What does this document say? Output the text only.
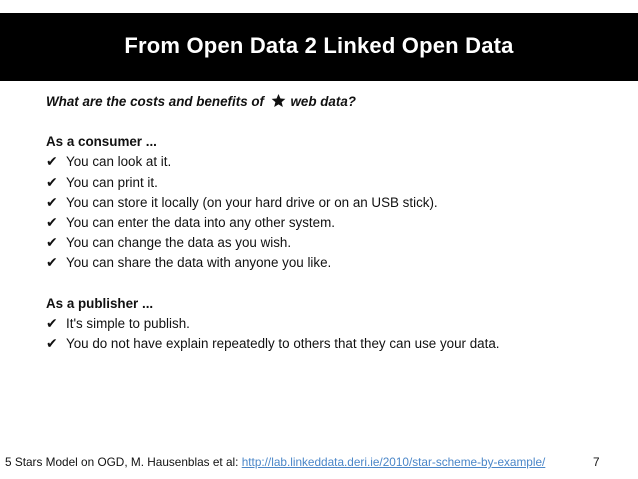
From Open Data 2 Linked Open Data
What are the costs and benefits of web data?
As a consumer ...
✔ You can look at it.
✔ You can print it.
✔ You can store it locally (on your hard drive or on an USB stick).
✔ You can enter the data into any other system.
✔ You can change the data as you wish.
✔ You can share the data with anyone you like.
As a publisher ...
✔ It's simple to publish.
✔ You do not have explain repeatedly to others that they can use your data.
5 Stars Model on OGD, M. Hausenblas et al: http://lab.linkeddata.deri.ie/2010/star-scheme-by-example/	7
